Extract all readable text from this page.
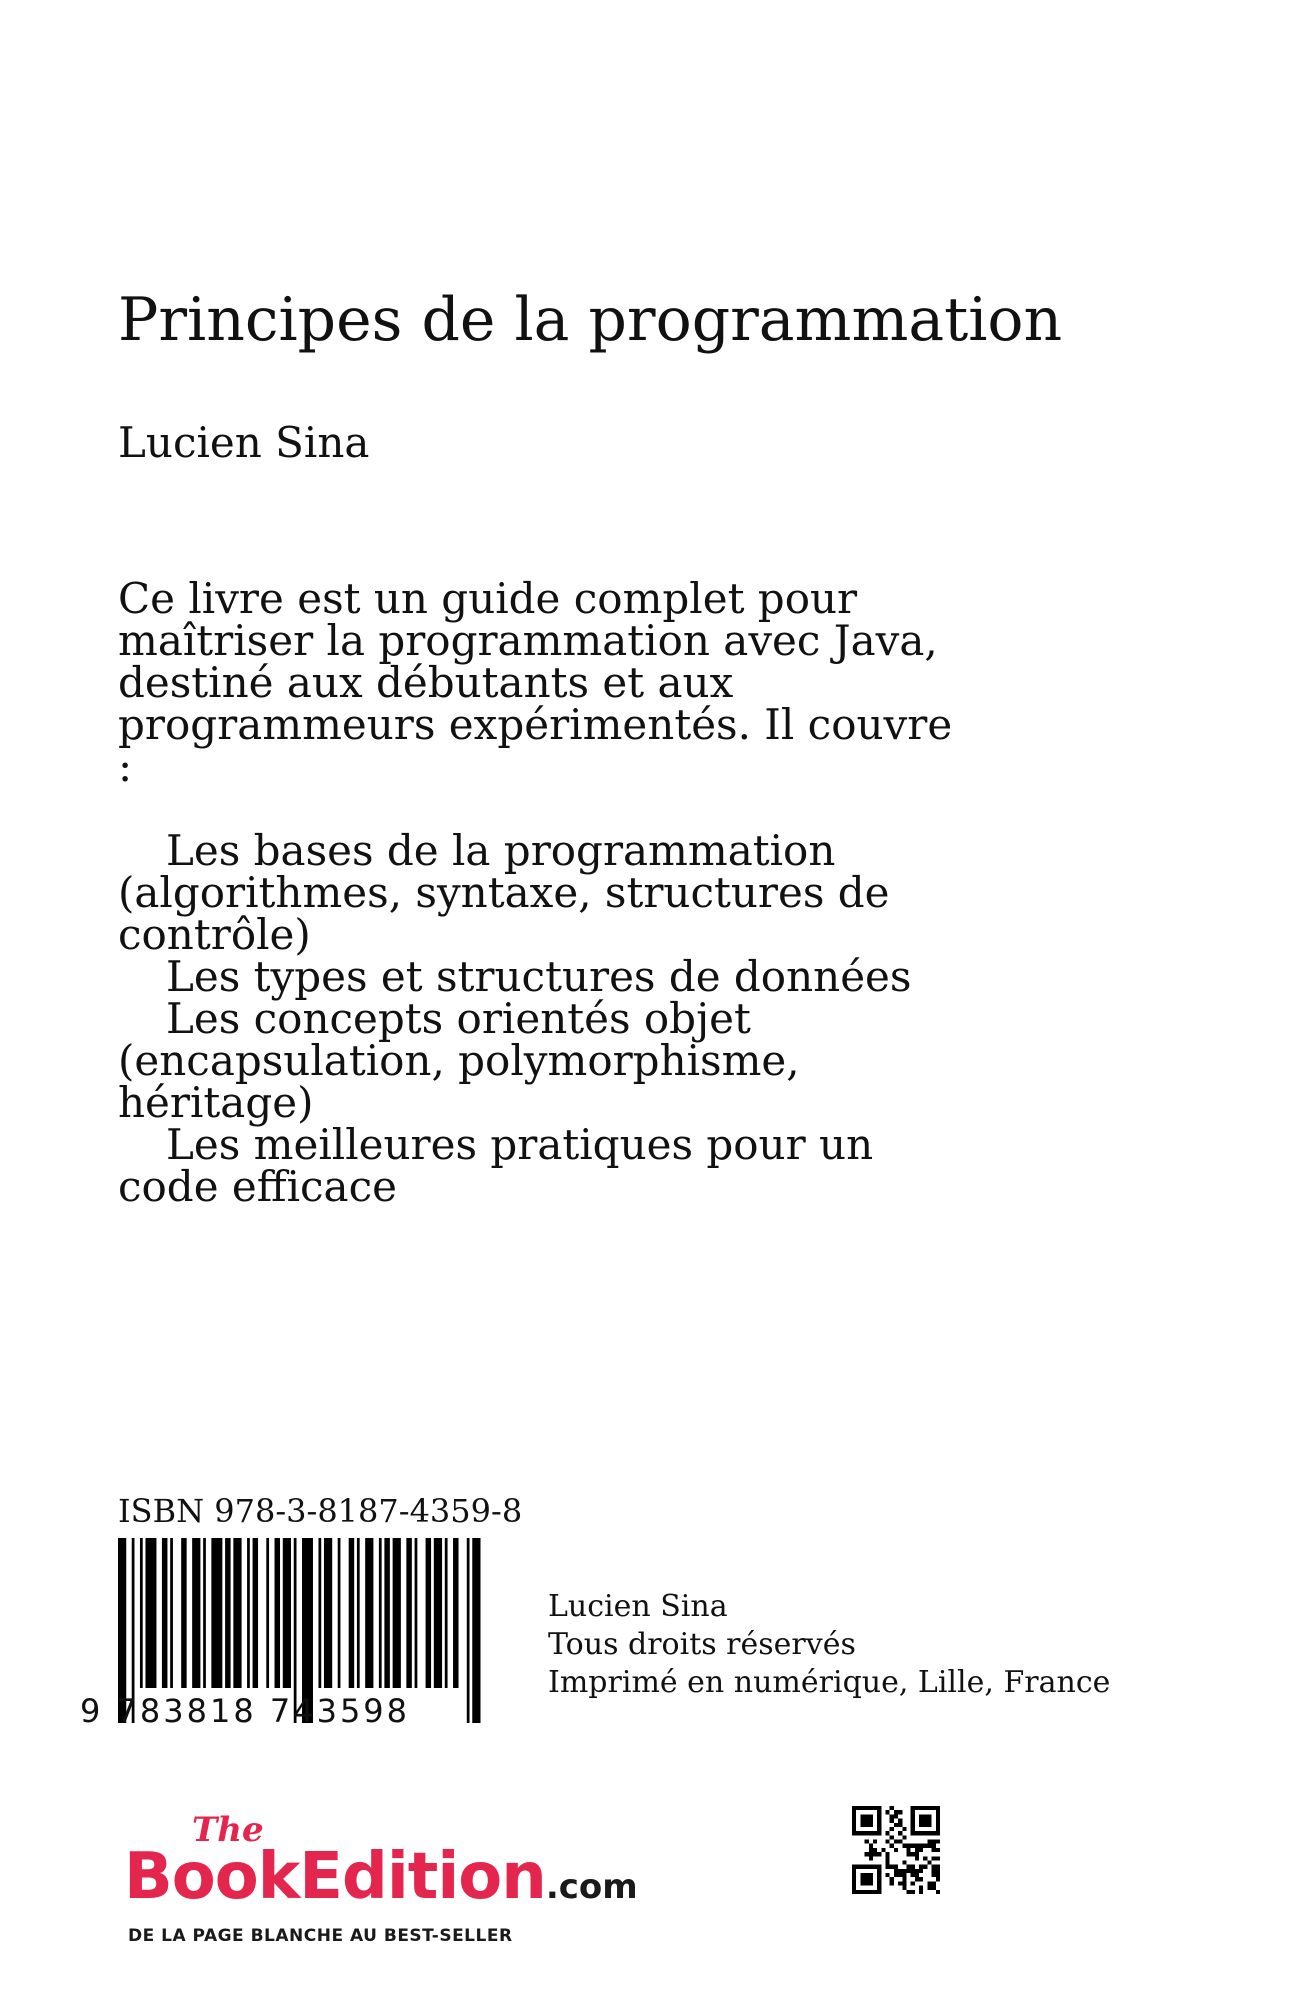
Principes de la programmation
Lucien Sina

Ce livre est un guide complet pour maîtriser la programmation avec Java, destiné aux débutants et aux programmeurs expérimentés. Il couvre :

Les bases de la programmation (algorithmes, syntaxe, structures de contrôle)

Les types et structures de données

Les concepts orientés objet (encapsulation, polymorphisme, héritage)

Les meilleures pratiques pour un code efficace

ISBN 978-3-8187-4359-8
9 783818 743598
Lucien Sina
Tous droits réservés
Imprimé en numérique, Lille, France
The
BookEdition.com
DE LA PAGE BLANCHE AU BEST-SELLER
